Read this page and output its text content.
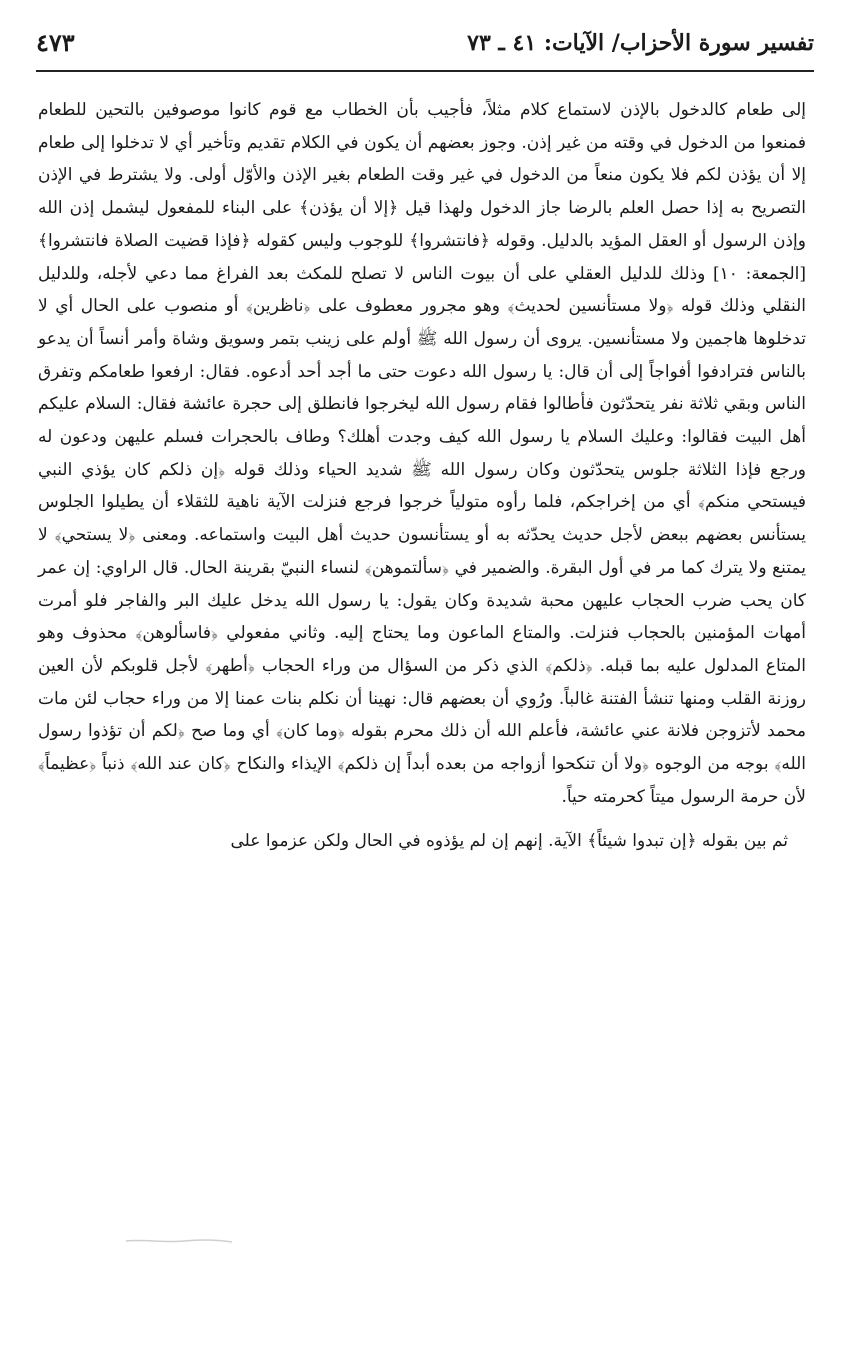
تفسير سورة الأحزاب/ الآيات: ٤١ ـ ٧٣
٤٧٣

إلى طعام كالدخول بالإذن لاستماع كلام مثلاً، فأجيب بأن الخطاب مع قوم كانوا موصوفين بالتحين للطعام فمنعوا من الدخول في وقته من غير إذن. وجوز بعضهم أن يكون في الكلام تقديم وتأخير أي لا تدخلوا إلى طعام إلا أن يؤذن لكم فلا يكون منعاً من الدخول في غير وقت الطعام بغير الإذن والأوّل أولى. ولا يشترط في الإذن التصريح به إذا حصل العلم بالرضا جاز الدخول ولهذا قيل ﴿إلا أن يؤذن﴾ على البناء للمفعول ليشمل إذن الله وإذن الرسول أو العقل المؤيد بالدليل. وقوله ﴿فانتشروا﴾ للوجوب وليس كقوله ﴿فإذا قضيت الصلاة فانتشروا﴾ [الجمعة: ١٠] وذلك للدليل العقلي على أن بيوت الناس لا تصلح للمكث بعد الفراغ مما دعي لأجله، وللدليل النقلي وذلك قوله ﴿ولا مستأنسين لحديث﴾ وهو مجرور معطوف على ﴿ناظرين﴾ أو منصوب على الحال أي لا تدخلوها هاجمين ولا مستأنسين. يروى أن رسول الله ﷺ أولم على زينب بتمر وسويق وشاة وأمر أنساً أن يدعو بالناس فترادفوا أفواجاً إلى أن قال: يا رسول الله دعوت حتى ما أجد أحد أدعوه. فقال: ارفعوا طعامكم وتفرق الناس وبقي ثلاثة نفر يتحدّثون فأطالوا فقام رسول الله ليخرجوا فانطلق إلى حجرة عائشة فقال: السلام عليكم أهل البيت فقالوا: وعليك السلام يا رسول الله كيف وجدت أهلك؟ وطاف بالحجرات فسلم عليهن ودعون له ورجع فإذا الثلاثة جلوس يتحدّثون وكان رسول الله ﷺ شديد الحياء وذلك قوله ﴿إن ذلكم كان يؤذي النبي فيستحي منكم﴾ أي من إخراجكم، فلما رأوه متولياً خرجوا فرجع فنزلت الآية ناهية للثقلاء أن يطيلوا الجلوس يستأنس بعضهم ببعض لأجل حديث يحدّثه به أو يستأنسون حديث أهل البيت واستماعه. ومعنى ﴿لا يستحي﴾ لا يمتنع ولا يترك كما مر في أول البقرة. والضمير في ﴿سألتموهن﴾ لنساء النبيّ بقرينة الحال. قال الراوي: إن عمر كان يحب ضرب الحجاب عليهن محبة شديدة وكان يقول: يا رسول الله يدخل عليك البر والفاجر فلو أمرت أمهات المؤمنين بالحجاب فنزلت. والمتاع الماعون وما يحتاج إليه. وثاني مفعولي ﴿فاسألوهن﴾ محذوف وهو المتاع المدلول عليه بما قبله. ﴿ذلكم﴾ الذي ذكر من السؤال من وراء الحجاب ﴿أطهر﴾ لأجل قلوبكم لأن العين روزنة القلب ومنها تنشأ الفتنة غالباً. ورُوي أن بعضهم قال: نهينا أن نكلم بنات عمنا إلا من وراء حجاب لئن مات محمد لأتزوجن فلانة عني عائشة، فأعلم الله أن ذلك محرم بقوله ﴿وما كان﴾ أي وما صح ﴿لكم أن تؤذوا رسول الله﴾ بوجه من الوجوه ﴿ولا أن تنكحوا أزواجه من بعده أبداً إن ذلكم﴾ الإيذاء والنكاح ﴿كان عند الله﴾ ذنباً ﴿عظيماً﴾ لأن حرمة الرسول ميتاً كحرمته حياً.

ثم بين بقوله ﴿إن تبدوا شيئاً﴾ الآية. إنهم إن لم يؤذوه في الحال ولكن عزموا على
